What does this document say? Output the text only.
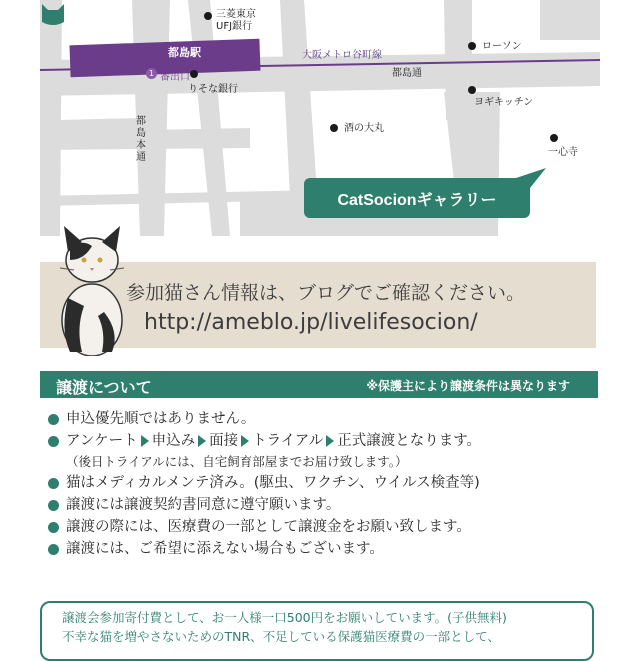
都島駅	大阪メトロ谷町線
1 番出口	都島通
都島本通
三菱東京
UFJ銀行
りそな銀行
ローソン
ヨギキッチン
酒の大丸
一心寺
CatSocionギャラリー
参加猫さん情報は、ブログでご確認ください。
http://ameblo.jp/livelifesocion/
譲渡について	※保護主により譲渡条件は異なります
申込優先順ではありません。
アンケート 申込み 面接 トライアル 正式譲渡となります。
（後日トライアルには、自宅飼育部屋までお届け致します。）
猫はメディカルメンテ済み。(駆虫、ワクチン、ウイルス検査等)
譲渡には譲渡契約書同意に遵守願います。
譲渡の際には、医療費の一部として譲渡金をお願い致します。
譲渡には、ご希望に添えない場合もございます。
譲渡会参加寄付費として、お一人様一口500円をお願いしています。(子供無料)
不幸な猫を増やさないためのTNR、不足している保護猫医療費の一部として、
